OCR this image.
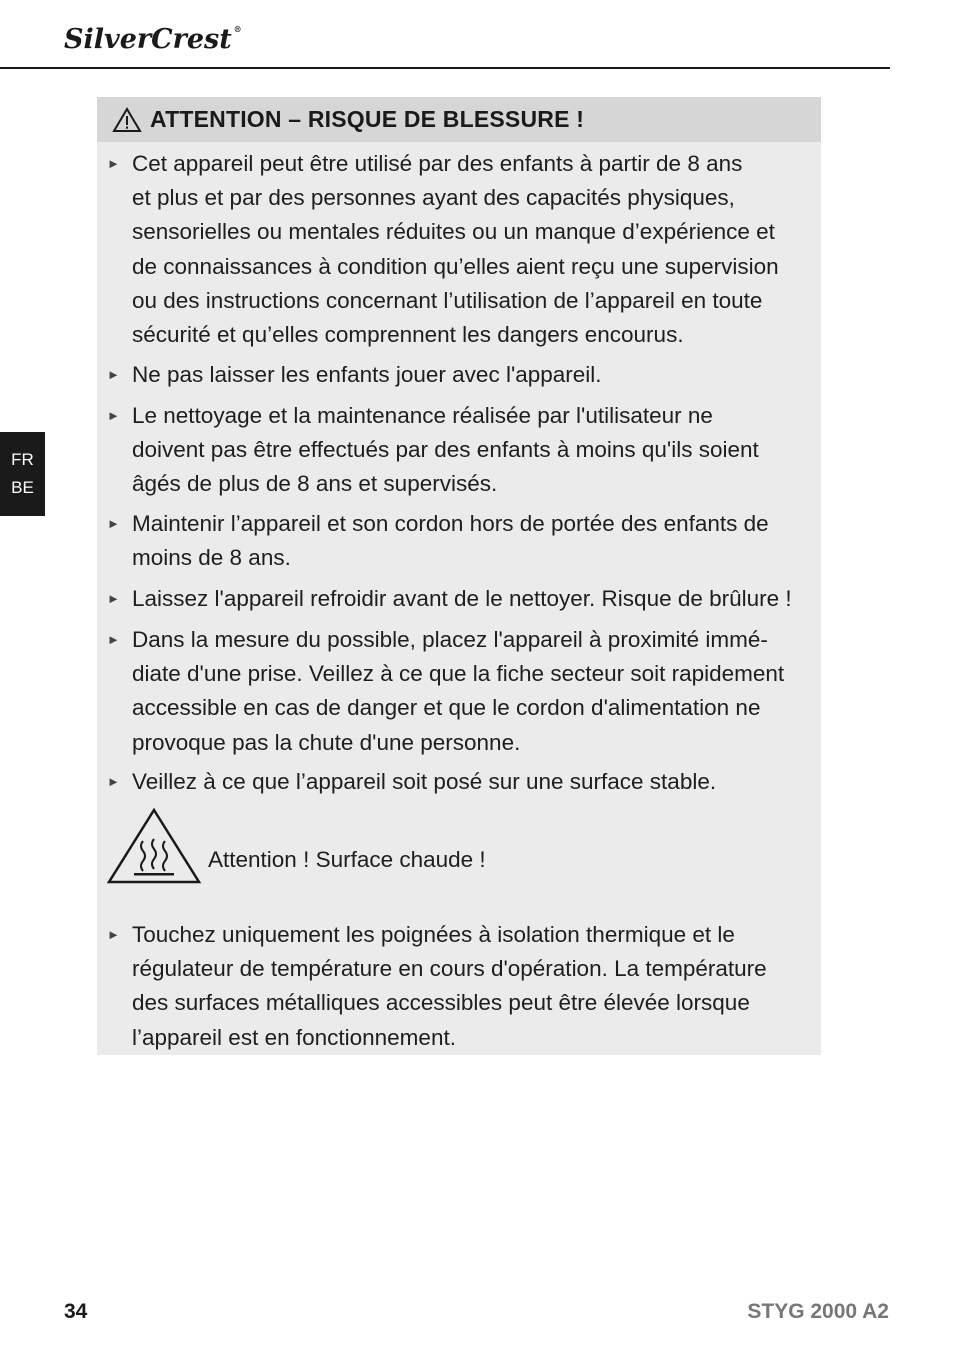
SilverCrest ®
FR
BE
ATTENTION – RISQUE DE BLESSURE !
► Cet appareil peut être utilisé par des enfants à partir de 8 ans
et plus et par des personnes ayant des capacités physiques,
sensorielles ou mentales réduites ou un manque d’expérience et
de connaissances à condition qu’elles aient reçu une supervision
ou des instructions concernant l’utilisation de l’appareil en toute
sécurité et qu’elles comprennent les dangers encourus.
► Ne pas laisser les enfants jouer avec l'appareil.
► Le nettoyage et la maintenance réalisée par l'utilisateur ne
doivent pas être effectués par des enfants à moins qu'ils soient
âgés de plus de 8 ans et supervisés.
► Maintenir l’appareil et son cordon hors de portée des enfants de
moins de 8 ans.
► Laissez l'appareil refroidir avant de le nettoyer. Risque de brûlure !
► Dans la mesure du possible, placez l'appareil à proximité immé-
diate d'une prise. Veillez à ce que la fiche secteur soit rapidement
accessible en cas de danger et que le cordon d'alimentation ne
provoque pas la chute d'une personne.
► Veillez à ce que l’appareil soit posé sur une surface stable.
Attention ! Surface chaude !
► Touchez uniquement les poignées à isolation thermique et le
régulateur de température en cours d'opération. La température
des surfaces métalliques accessibles peut être élevée lorsque
l’appareil est en fonctionnement.
34	STYG 2000 A2
